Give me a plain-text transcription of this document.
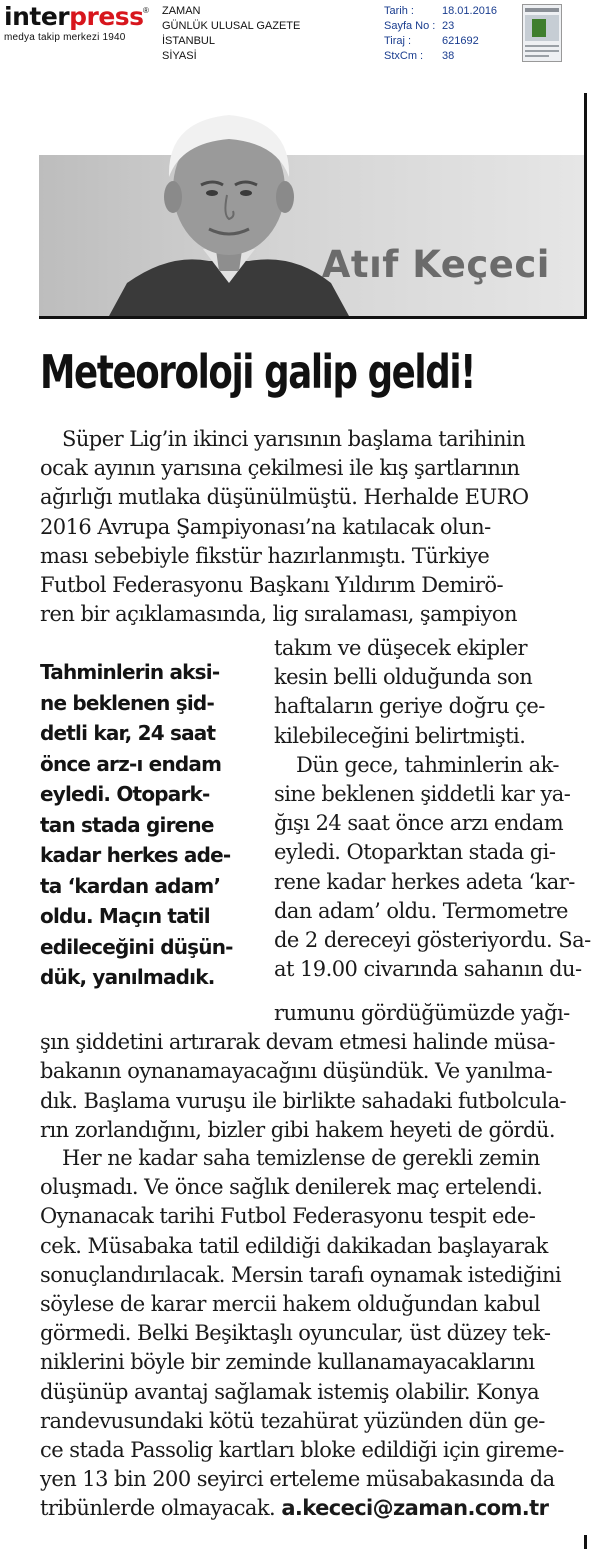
interpress ®
medya takip merkezi 1940
ZAMAN
GÜNLÜK ULUSAL GAZETE
İSTANBUL
SİYASİ
Tarih :	18.01.2016
Sayfa No : 23
Tiraj :	621692
StxCm :	38
Atıf Keçeci
Meteoroloji galip geldi!
Süper Lig’in ikinci yarısının başlama tarihinin
ocak ayının yarısına çekilmesi ile kış şartlarının
ağırlığı mutlaka düşünülmüştü. Herhalde EURO
2016 Avrupa Şampiyonası’na katılacak olun-
ması sebebiyle fikstür hazırlanmıştı. Türkiye
Futbol Federasyonu Başkanı Yıldırım Demirö-
ren bir açıklamasında, lig sıralaması, şampiyon
Tahminlerin aksi-
ne beklenen şid-
detli kar, 24 saat
önce arz-ı endam
eyledi. Otopark-
tan stada girene
kadar herkes ade-
ta ‘kardan adam’
oldu. Maçın tatil
edileceğini düşün-
dük, yanılmadık.
takım ve düşecek ekipler
kesin belli olduğunda son
haftaların geriye doğru çe-
kilebileceğini belirtmişti.
Dün gece, tahminlerin ak-
sine beklenen şiddetli kar ya-
ğışı 24 saat önce arzı endam
eyledi. Otoparktan stada gi-
rene kadar herkes adeta ‘kar-
dan adam’ oldu. Termometre
de 2 dereceyi gösteriyordu. Sa-
at 19.00 civarında sahanın du-
rumunu gördüğümüzde yağı-
şın şiddetini artırarak devam etmesi halinde müsa-
bakanın oynanamayacağını düşündük. Ve yanılma-
dık. Başlama vuruşu ile birlikte sahadaki futbolcula-
rın zorlandığını, bizler gibi hakem heyeti de gördü.
Her ne kadar saha temizlense de gerekli zemin
oluşmadı. Ve önce sağlık denilerek maç ertelendi.
Oynanacak tarihi Futbol Federasyonu tespit ede-
cek. Müsabaka tatil edildiği dakikadan başlayarak
sonuçlandırılacak. Mersin tarafı oynamak istediğini
söylese de karar mercii hakem olduğundan kabul
görmedi. Belki Beşiktaşlı oyuncular, üst düzey tek-
niklerini böyle bir zeminde kullanamayacaklarını
düşünüp avantaj sağlamak istemiş olabilir. Konya
randevusundaki kötü tezahürat yüzünden dün ge-
ce stada Passolig kartları bloke edildiği için gireme-
yen 13 bin 200 seyirci erteleme müsabakasında da
tribünlerde olmayacak. a.kececi@zaman.com.tr
